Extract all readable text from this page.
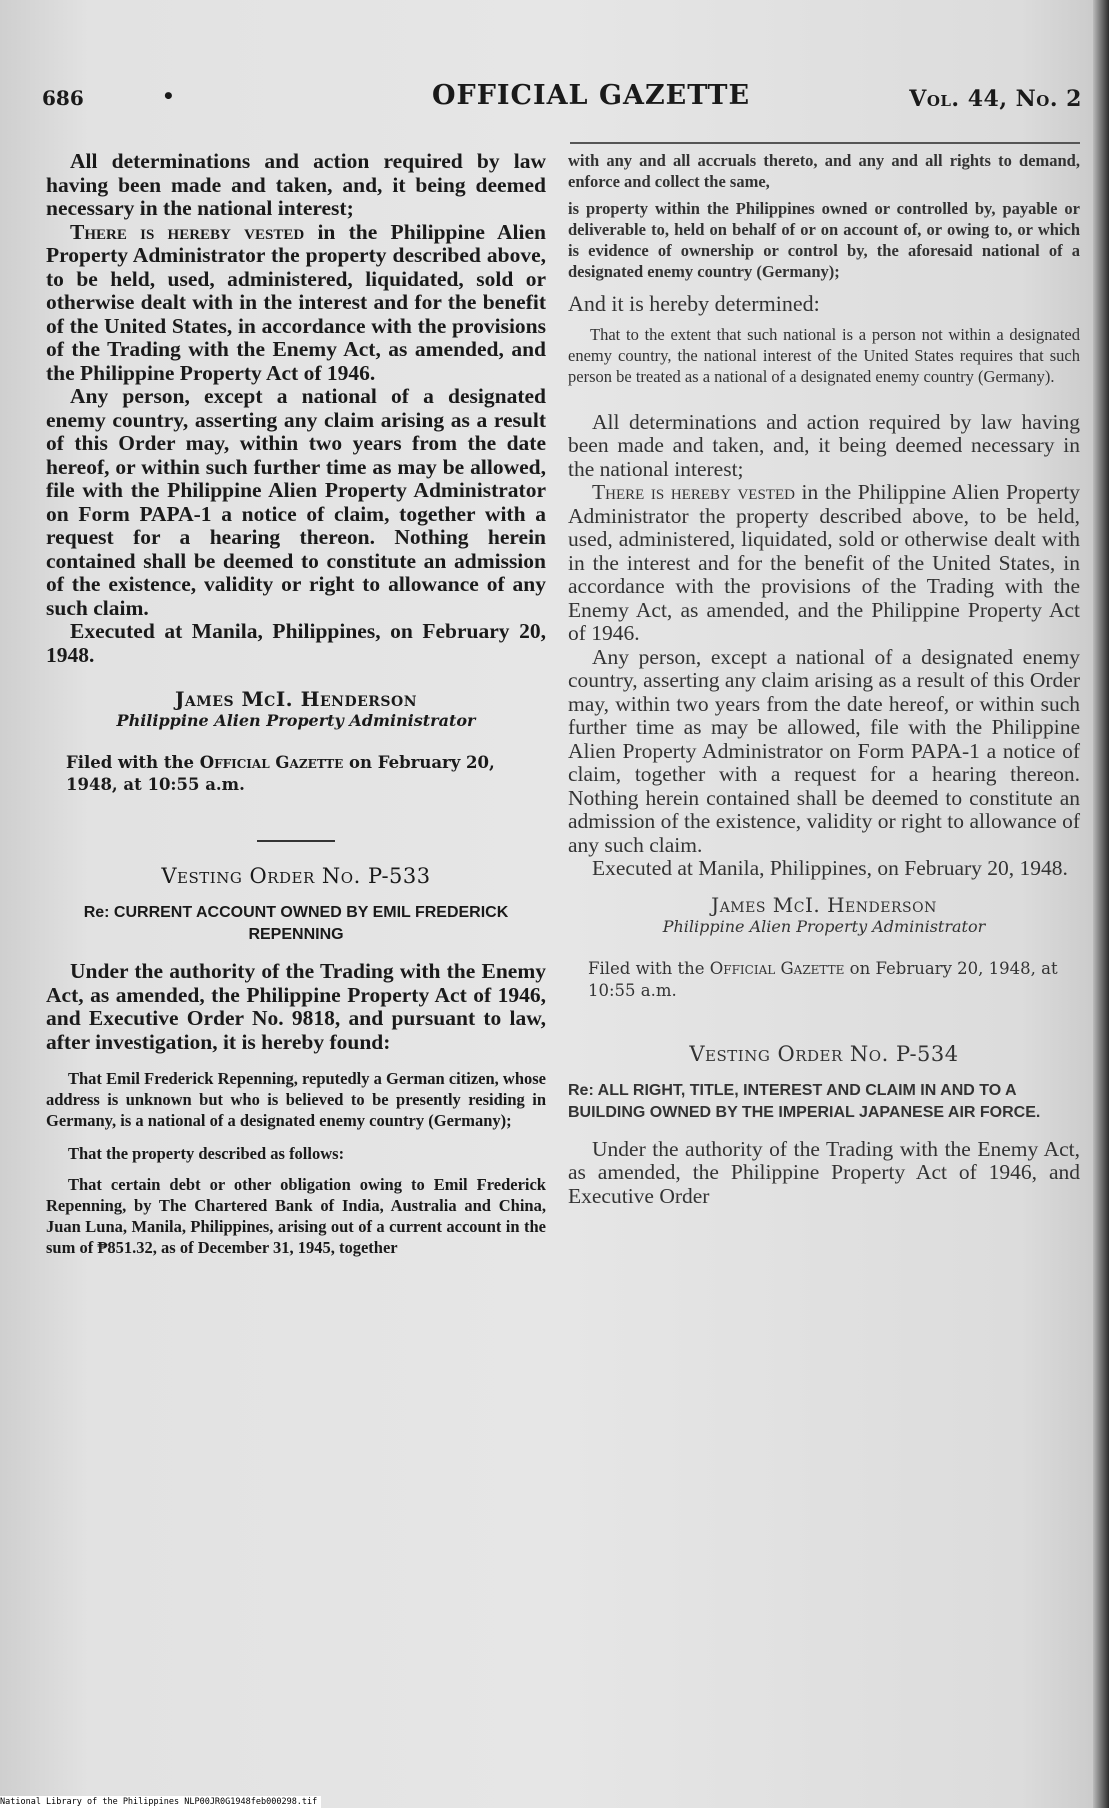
686	•	OFFICIAL GAZETTE	Vol. 44, No. 2

All determinations and action required by law having been made and taken, and, it being deemed necessary in the national interest;

There is hereby vested in the Philippine Alien Property Administrator the property described above, to be held, used, administered, liquidated, sold or otherwise dealt with in the interest and for the benefit of the United States, in accordance with the provisions of the Trading with the Enemy Act, as amended, and the Philippine Property Act of 1946.

Any person, except a national of a designated enemy country, asserting any claim arising as a result of this Order may, within two years from the date hereof, or within such further time as may be allowed, file with the Philippine Alien Property Administrator on Form PAPA-1 a notice of claim, together with a request for a hearing thereon. Nothing herein contained shall be deemed to constitute an admission of the existence, validity or right to allowance of any such claim.

Executed at Manila, Philippines, on February 20, 1948.

James McI. Henderson
Philippine Alien Property Administrator

Filed with the Official Gazette on February 20, 1948, at 10:55 a.m.

Vesting Order No. P-533
Re: CURRENT ACCOUNT OWNED BY EMIL FREDERICK REPENNING

Under the authority of the Trading with the Enemy Act, as amended, the Philippine Property Act of 1946, and Executive Order No. 9818, and pursuant to law, after investigation, it is hereby found:

That Emil Frederick Repenning, reputedly a German citizen, whose address is unknown but who is believed to be presently residing in Germany, is a national of a designated enemy country (Germany);

That the property described as follows:

That certain debt or other obligation owing to Emil Frederick Repenning, by The Chartered Bank of India, Australia and China, Juan Luna, Manila, Philippines, arising out of a current account in the sum of ₱851.32, as of December 31, 1945, together

with any and all accruals thereto, and any and all rights to demand, enforce and collect the same,

is property within the Philippines owned or controlled by, payable or deliverable to, held on behalf of or on account of, or owing to, or which is evidence of ownership or control by, the aforesaid national of a designated enemy country (Germany);

And it is hereby determined:

That to the extent that such national is a person not within a designated enemy country, the national interest of the United States requires that such person be treated as a national of a designated enemy country (Germany).

All determinations and action required by law having been made and taken, and, it being deemed necessary in the national interest;

There is hereby vested in the Philippine Alien Property Administrator the property described above, to be held, used, administered, liquidated, sold or otherwise dealt with in the interest and for the benefit of the United States, in accordance with the provisions of the Trading with the Enemy Act, as amended, and the Philippine Property Act of 1946.

Any person, except a national of a designated enemy country, asserting any claim arising as a result of this Order may, within two years from the date hereof, or within such further time as may be allowed, file with the Philippine Alien Property Administrator on Form PAPA-1 a notice of claim, together with a request for a hearing thereon. Nothing herein contained shall be deemed to constitute an admission of the existence, validity or right to allowance of any such claim.

Executed at Manila, Philippines, on February 20, 1948.

James McI. Henderson
Philippine Alien Property Administrator

Filed with the Official Gazette on February 20, 1948, at 10:55 a.m.

Vesting Order No. P-534
Re: ALL RIGHT, TITLE, INTEREST AND CLAIM IN AND TO A BUILDING OWNED BY THE IMPERIAL JAPANESE AIR FORCE.

Under the authority of the Trading with the Enemy Act, as amended, the Philippine Property Act of 1946, and Executive Order

National Library of the Philippines NLP00JR0G1948feb000298.tif
